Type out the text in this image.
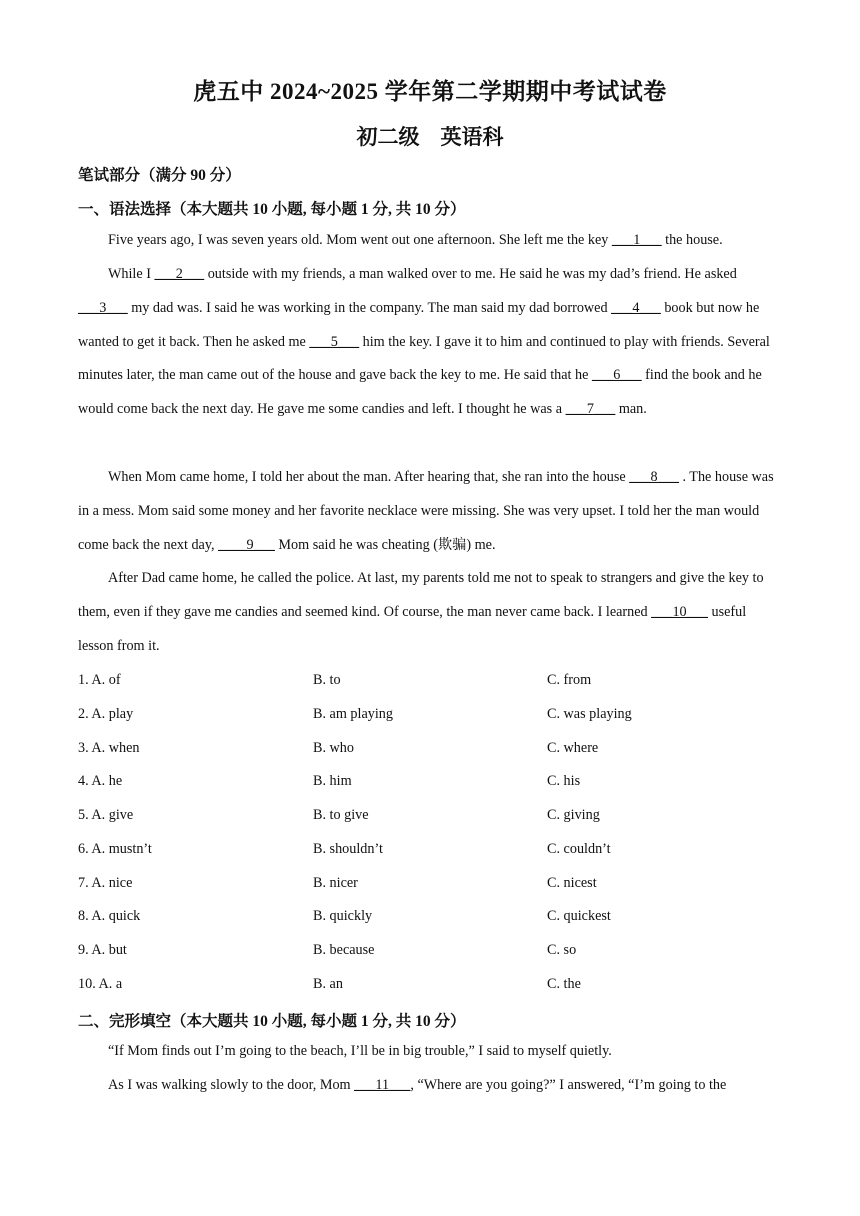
虎五中 2024~2025 学年第二学期期中考试试卷
初二级　英语科
笔试部分（满分 90 分）
一、语法选择（本大题共 10 小题, 每小题 1 分, 共 10 分）

Five years ago, I was seven years old. Mom went out one afternoon. She left me the key ___1___ the house.

While I ___2___ outside with my friends, a man walked over to me. He said he was my dad’s friend. He asked ___3___ my dad was. I said he was working in the company. The man said my dad borrowed ___4___ book but now he wanted to get it back. Then he asked me ___5___ him the key. I gave it to him and continued to play with friends. Several minutes later, the man came out of the house and gave back the key to me. He said that he ___6___ find the book and he would come back the next day. He gave me some candies and left. I thought he was a ___7___ man.

When Mom came home, I told her about the man. After hearing that, she ran into the house ___8___ . The house was in a mess. Mom said some money and her favorite necklace were missing. She was very upset. I told her the man would come back the next day, ____9___ Mom said he was cheating (欺骗) me.

After Dad came home, he called the police. At last, my parents told me not to speak to strangers and give the key to them, even if they gave me candies and seemed kind. Of course, the man never came back. I learned ___10___ useful lesson from it.

1. A. of	B. to	C. from
2. A. play	B. am playing	C. was playing
3. A. when	B. who	C. where
4. A. he	B. him	C. his
5. A. give	B. to give	C. giving
6. A. mustn’t	B. shouldn’t	C. couldn’t
7. A. nice	B. nicer	C. nicest
8. A. quick	B. quickly	C. quickest
9. A. but	B. because	C. so
10. A. a	B. an	C. the
二、完形填空（本大题共 10 小题, 每小题 1 分, 共 10 分）

“If Mom finds out I’m going to the beach, I’ll be in big trouble,” I said to myself quietly.

As I was walking slowly to the door, Mom ___11___, “Where are you going?” I answered, “I’m going to the
